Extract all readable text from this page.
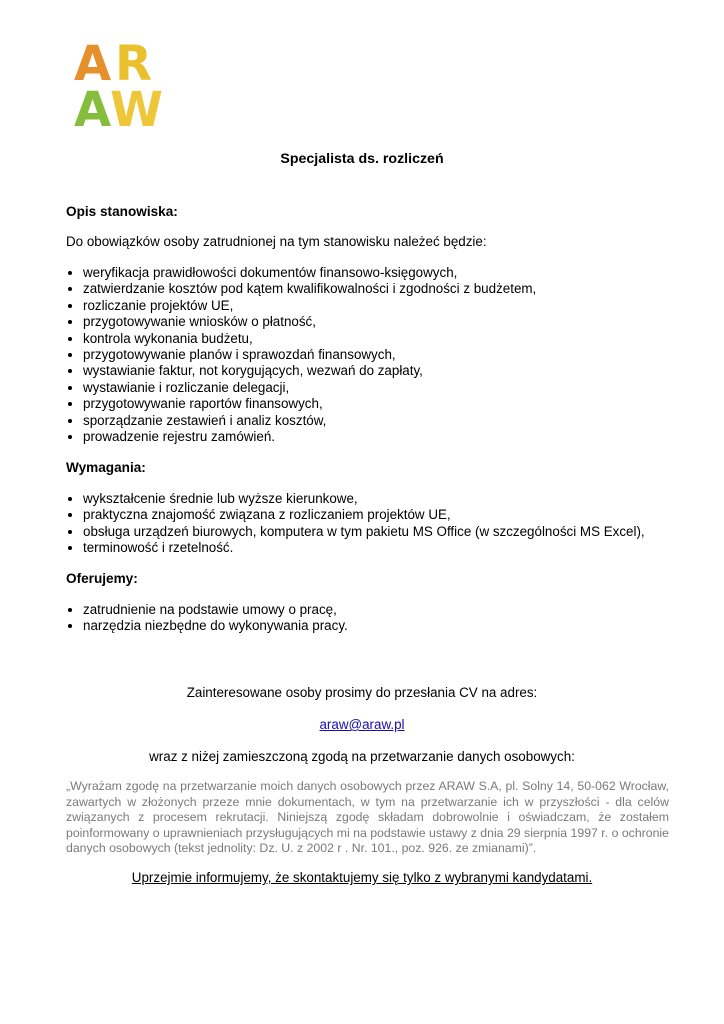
A R
A
W

Specjalista ds. rozliczeń

Opis stanowiska:

Do obowiązków osoby zatrudnionej na tym stanowisku należeć będzie:

weryfikacja prawidłowości dokumentów finansowo-księgowych,
zatwierdzanie kosztów pod kątem kwalifikowalności i zgodności z budżetem,
rozliczanie projektów UE,
przygotowywanie wniosków o płatność,
kontrola wykonania budżetu,
przygotowywanie planów i sprawozdań finansowych,
wystawianie faktur, not korygujących, wezwań do zapłaty,
wystawianie i rozliczanie delegacji,
przygotowywanie raportów finansowych,
sporządzanie zestawień i analiz kosztów,
prowadzenie rejestru zamówień.

Wymagania:

wykształcenie średnie lub wyższe kierunkowe,
praktyczna znajomość związana z rozliczaniem projektów UE,
obsługa urządzeń biurowych, komputera w tym pakietu MS Office (w szczególności MS Excel),
terminowość i rzetelność.

Oferujemy:

zatrudnienie na podstawie umowy o pracę,
narzędzia niezbędne do wykonywania pracy.

Zainteresowane osoby prosimy do przesłania CV na adres:

araw@araw.pl

wraz z niżej zamieszczoną zgodą na przetwarzanie danych osobowych:

„Wyrażam zgodę na przetwarzanie moich danych osobowych przez ARAW S.A, pl. Solny 14, 50-062 Wrocław, zawartych w złożonych przeze mnie dokumentach, w tym na przetwarzanie ich w przyszłości - dla celów związanych z procesem rekrutacji. Niniejszą zgodę składam dobrowolnie i oświadczam, że zostałem poinformowany o uprawnieniach przysługujących mi na podstawie ustawy z dnia 29 sierpnia 1997 r. o ochronie danych osobowych (tekst jednolity: Dz. U. z 2002 r . Nr. 101., poz. 926. ze zmianami)”.

Uprzejmie informujemy, że skontaktujemy się tylko z wybranymi kandydatami.
